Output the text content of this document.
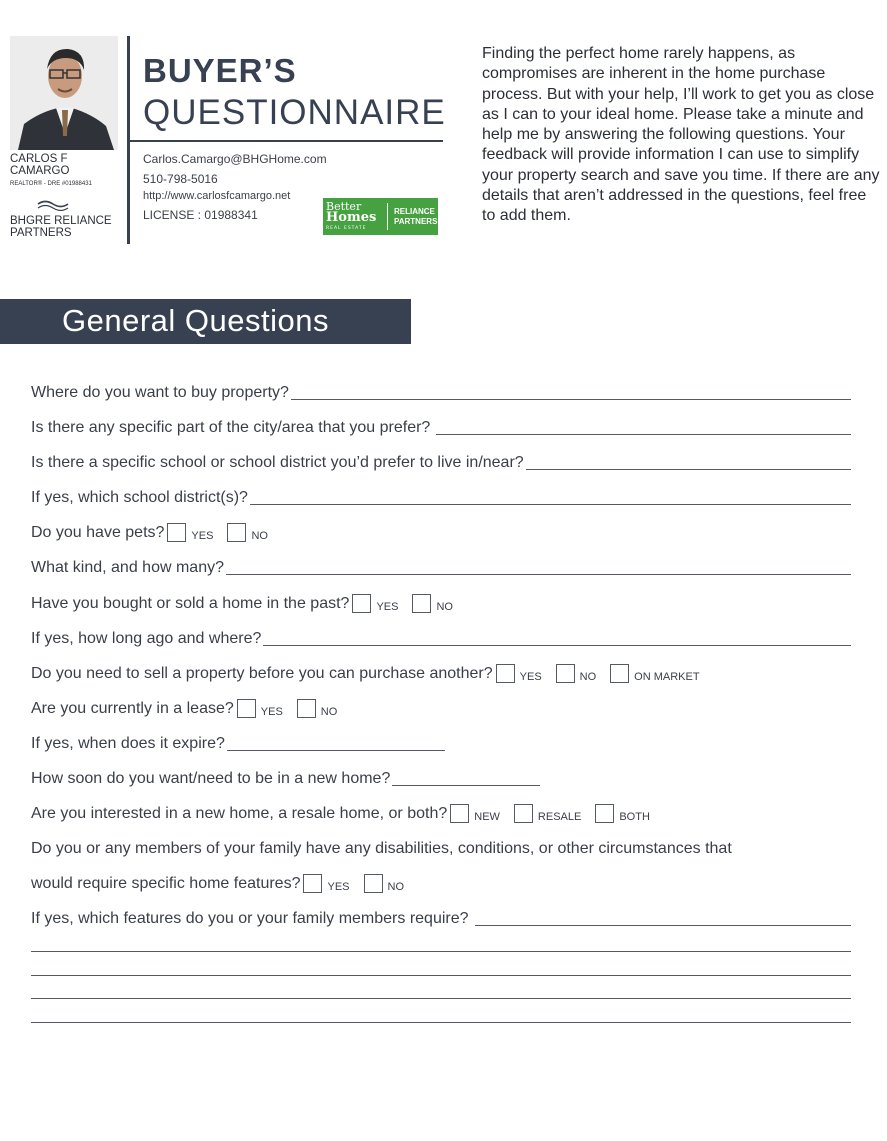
CARLOS F CAMARGO
REALTOR® - DRE #01988431
BHGRE RELIANCE PARTNERS
BUYER’S
QUESTIONNAIRE
Carlos.Camargo@BHGHome.com
510-798-5016
http://www.carlosfcamargo.net
LICENSE : 01988341
Better
Homes
REAL ESTATE
RELIANCE
PARTNERS
Finding the perfect home rarely happens, as compromises are inherent in the home purchase process. But with your help, I’ll work to get you as close as I can to your ideal home. Please take a minute and help me by answering the following questions. Your feedback will provide information I can use to simplify your property search and save you time. If there are any details that aren’t addressed in the questions, feel free to add them.
General Questions
Where do you want to buy property?
Is there any specific part of the city/area that you prefer?
Is there a specific school or school district you’d prefer to live in/near?
If yes, which school district(s)?
Do you have pets? YES	NO
What kind, and how many?
Have you bought or sold a home in the past? YES	NO
If yes, how long ago and where?
Do you need to sell a property before you can purchase another? YES	NO	ON MARKET
Are you currently in a lease? YES	NO
If yes, when does it expire?
How soon do you want/need to be in a new home?
Are you interested in a new home, a resale home, or both? NEW	RESALE	BOTH
Do you or any members of your family have any disabilities, conditions, or other circumstances that
would require specific home features? YES	NO
If yes, which features do you or your family members require?
